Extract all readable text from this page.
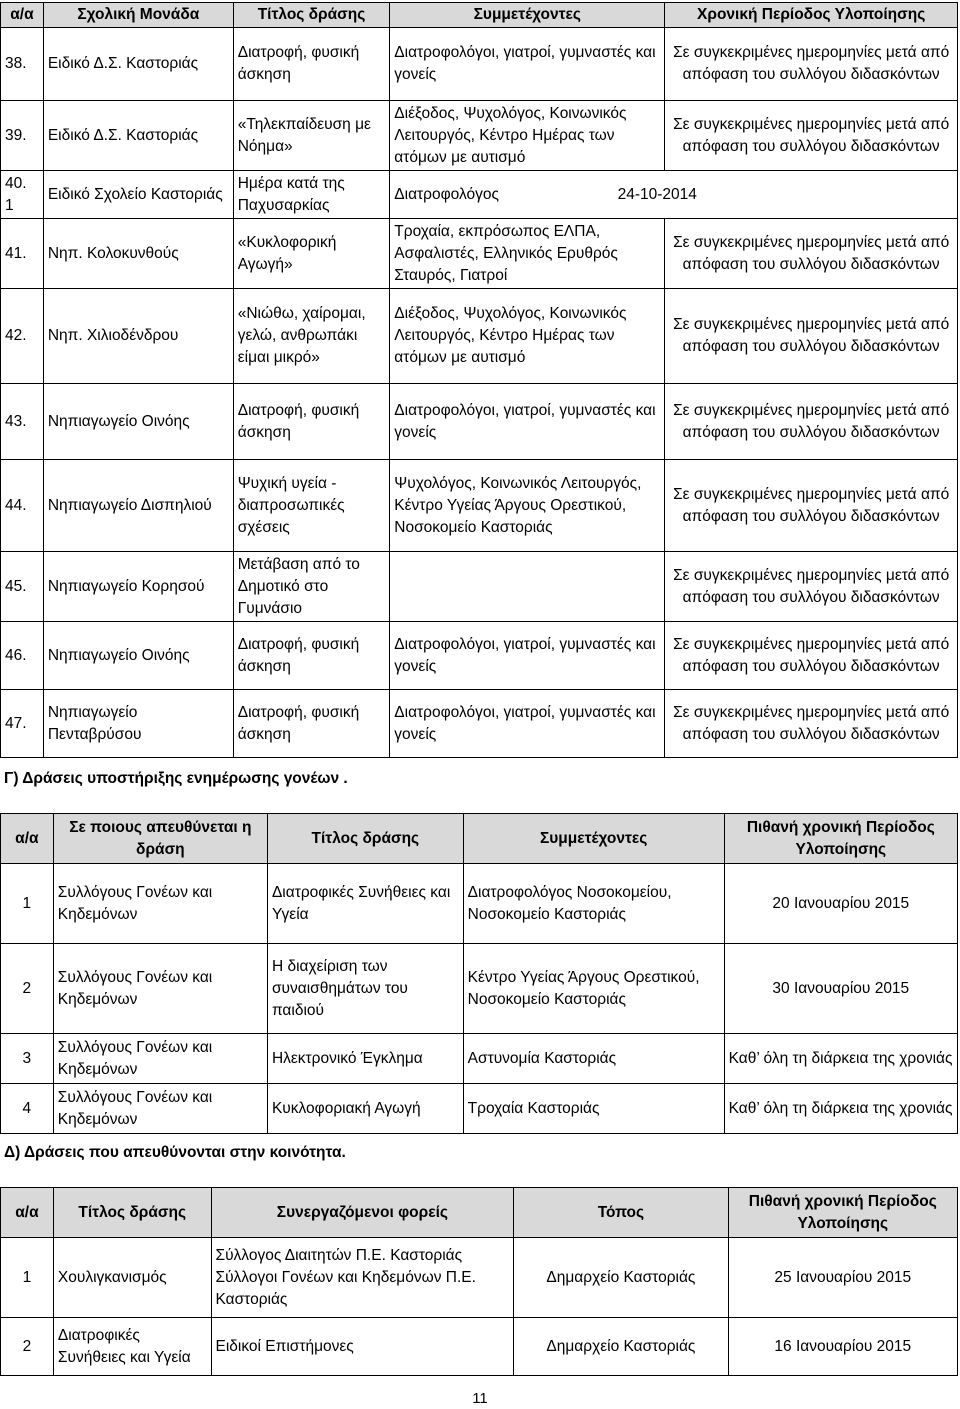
α/α	Σχολική Μονάδα	Τίτλος δράσης	Συμμετέχοντες	Χρονική Περίοδος Υλοποίησης
38.	Ειδικό Δ.Σ. Καστοριάς	Διατροφή, φυσική άσκηση	Διατροφολόγοι, γιατροί, γυμναστές και γονείς	Σε συγκεκριμένες ημερομηνίες μετά από απόφαση του συλλόγου διδασκόντων
39.	Ειδικό Δ.Σ. Καστοριάς	«Τηλεκπαίδευση με Νόημα»	Διέξοδος, Ψυχολόγος, Κοινωνικός Λειτουργός, Κέντρο Ημέρας των ατόμων με αυτισμό	Σε συγκεκριμένες ημερομηνίες μετά από απόφαση του συλλόγου διδασκόντων
40. 1	Ειδικό Σχολείο Καστοριάς	Ημέρα κατά της Παχυσαρκίας	Διατροφολόγος 24-10-2014	
41.	Νηπ. Κολοκυνθούς	«Κυκλοφορική Αγωγή»	Τροχαία, εκπρόσωπος ΕΛΠΑ, Ασφαλιστές, Ελληνικός Ερυθρός Σταυρός, Γιατροί	Σε συγκεκριμένες ημερομηνίες μετά από απόφαση του συλλόγου διδασκόντων
42.	Νηπ. Χιλιοδένδρου	«Νιώθω, χαίρομαι, γελώ, ανθρωπάκι είμαι μικρό»	Διέξοδος, Ψυχολόγος, Κοινωνικός Λειτουργός, Κέντρο Ημέρας των ατόμων με αυτισμό	Σε συγκεκριμένες ημερομηνίες μετά από απόφαση του συλλόγου διδασκόντων
43.	Νηπιαγωγείο Οινόης	Διατροφή, φυσική άσκηση	Διατροφολόγοι, γιατροί, γυμναστές και γονείς	Σε συγκεκριμένες ημερομηνίες μετά από απόφαση του συλλόγου διδασκόντων
44.	Νηπιαγωγείο Δισπηλιού	Ψυχική υγεία - διαπροσωπικές σχέσεις	Ψυχολόγος, Κοινωνικός Λειτουργός, Κέντρο Υγείας Άργους Ορεστικού, Νοσοκομείο Καστοριάς	Σε συγκεκριμένες ημερομηνίες μετά από απόφαση του συλλόγου διδασκόντων
45.	Νηπιαγωγείο Κορησού	Μετάβαση από το Δημοτικό στο Γυμνάσιο		Σε συγκεκριμένες ημερομηνίες μετά από απόφαση του συλλόγου διδασκόντων
46.	Νηπιαγωγείο Οινόης	Διατροφή, φυσική άσκηση	Διατροφολόγοι, γιατροί, γυμναστές και γονείς	Σε συγκεκριμένες ημερομηνίες μετά από απόφαση του συλλόγου διδασκόντων
47.	Νηπιαγωγείο Πενταβρύσου	Διατροφή, φυσική άσκηση	Διατροφολόγοι, γιατροί, γυμναστές και γονείς	Σε συγκεκριμένες ημερομηνίες μετά από απόφαση του συλλόγου διδασκόντων
Γ) Δράσεις υποστήριξης ενημέρωσης γονέων .
α/α	Σε ποιους απευθύνεται η δράση	Τίτλος δράσης	Συμμετέχοντες	Πιθανή χρονική Περίοδος Υλοποίησης
1	Συλλόγους Γονέων και Κηδεμόνων	Διατροφικές Συνήθειες και Υγεία	Διατροφολόγος Νοσοκομείου, Νοσοκομείο Καστοριάς	20 Ιανουαρίου 2015
2	Συλλόγους Γονέων και Κηδεμόνων	Η διαχείριση των συναισθημάτων του παιδιού	Κέντρο Υγείας Άργους Ορεστικού, Νοσοκομείο Καστοριάς	30 Ιανουαρίου 2015
3	Συλλόγους Γονέων και Κηδεμόνων	Ηλεκτρονικό Έγκλημα	Αστυνομία Καστοριάς	Καθ’ όλη τη διάρκεια της χρονιάς
4	Συλλόγους Γονέων και Κηδεμόνων	Κυκλοφοριακή Αγωγή	Τροχαία Καστοριάς	Καθ’ όλη τη διάρκεια της χρονιάς
Δ) Δράσεις που απευθύνονται στην κοινότητα.
α/α	Τίτλος δράσης	Συνεργαζόμενοι φορείς	Τόπος	Πιθανή χρονική Περίοδος Υλοποίησης
1	Χουλιγκανισμός	Σύλλογος Διαιτητών Π.Ε. Καστοριάς Σύλλογοι Γονέων και Κηδεμόνων Π.Ε. Καστοριάς	Δημαρχείο Καστοριάς	25 Ιανουαρίου 2015
2	Διατροφικές Συνήθειες και Υγεία	Ειδικοί Επιστήμονες	Δημαρχείο Καστοριάς	16 Ιανουαρίου 2015
11
